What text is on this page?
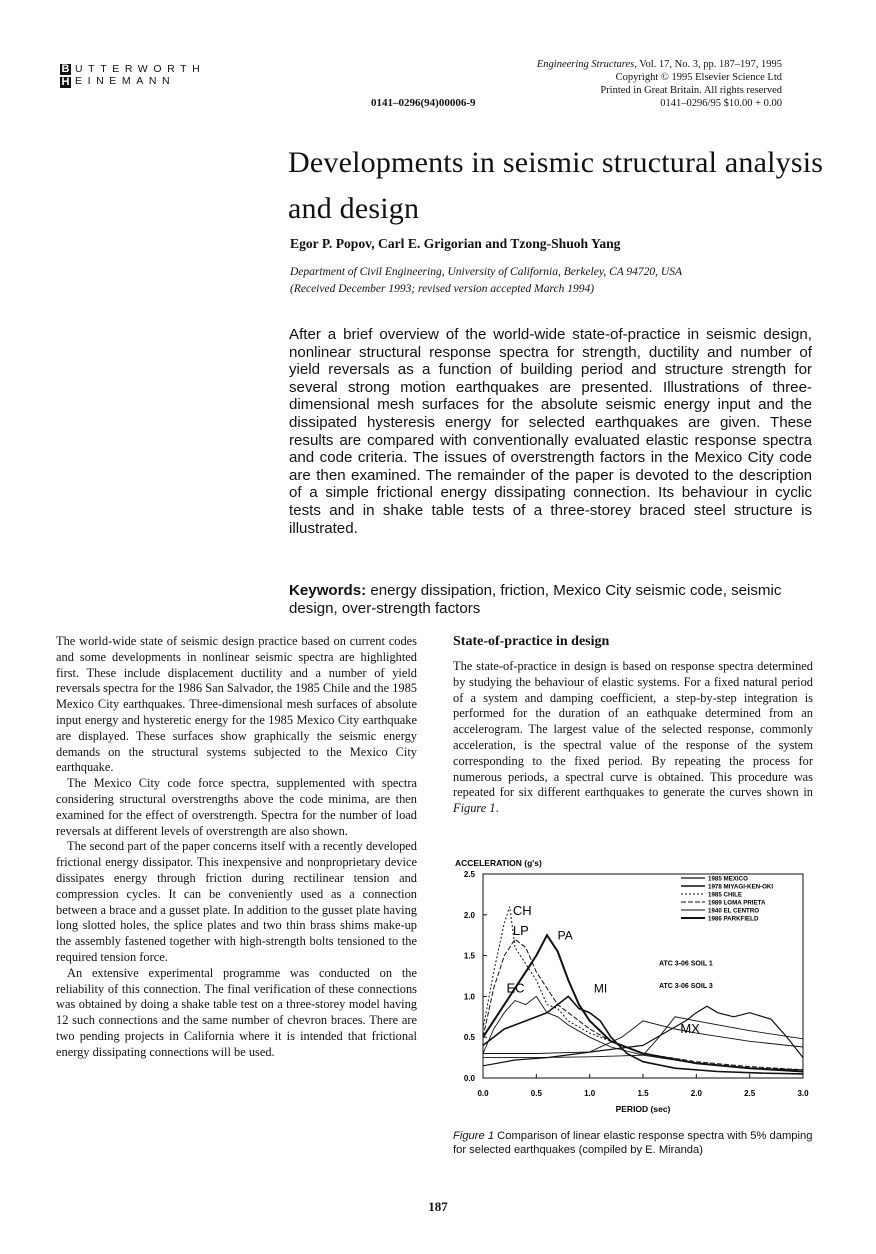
B
H
UTTERWORTH
EINEMANN
Engineering Structures, Vol. 17, No. 3, pp. 187–197, 1995
Copyright © 1995 Elsevier Science Ltd
Printed in Great Britain. All rights reserved
0141–0296/95 $10.00 + 0.00
0141–0296(94)00006-9
Developments in seismic structural analysis and design
Egor P. Popov, Carl E. Grigorian and Tzong-Shuoh Yang
Department of Civil Engineering, University of California, Berkeley, CA 94720, USA
(Received December 1993; revised version accepted March 1994)
After a brief overview of the world-wide state-of-practice in seismic design, nonlinear structural response spectra for strength, ductility and number of yield reversals as a function of building period and structure strength for several strong motion earthquakes are presented. Illustrations of three-dimensional mesh surfaces for the absolute seismic energy input and the dissipated hysteresis energy for selected earthquakes are given. These results are compared with conventionally evaluated elastic response spectra and code criteria. The issues of overstrength factors in the Mexico City code are then examined. The remainder of the paper is devoted to the description of a simple frictional energy dissipating connection. Its behaviour in cyclic tests and in shake table tests of a three-storey braced steel structure is illustrated.
Keywords: energy dissipation, friction, Mexico City seismic code, seismic design, over-strength factors

The world-wide state of seismic design practice based on current codes and some developments in nonlinear seismic spectra are highlighted first. These include displacement ductility and a number of yield reversals spectra for the 1986 San Salvador, the 1985 Chile and the 1985 Mexico City earthquakes. Three-dimensional mesh surfaces of absolute input energy and hysteretic energy for the 1985 Mexico City earthquake are displayed. These surfaces show graphically the seismic energy demands on the structural systems subjected to the Mexico City earthquake.

The Mexico City code force spectra, supplemented with spectra considering structural overstrengths above the code minima, are then examined for the effect of overstrength. Spectra for the number of load reversals at different levels of overstrength are also shown.

The second part of the paper concerns itself with a recently developed frictional energy dissipator. This inexpensive and nonproprietary device dissipates energy through friction during rectilinear tension and compression cycles. It can be conveniently used as a connection between a brace and a gusset plate. In addition to the gusset plate having long slotted holes, the splice plates and two thin brass shims make-up the assembly fastened together with high-strength bolts tensioned to the required tension force.

An extensive experimental programme was conducted on the reliability of this connection. The final verification of these connections was obtained by doing a shake table test on a three-storey model having 12 such connections and the same number of chevron braces. There are two pending projects in California where it is intended that frictional energy dissipating connections will be used.

State-of-practice in design

The state-of-practice in design is based on response spectra determined by studying the behaviour of elastic systems. For a fixed natural period of a system and damping coefficient, a step-by-step integration is performed for the duration of an eathquake determined from an accelerogram. The largest value of the selected response, commonly acceleration, is the spectral value of the response of the system corresponding to the fixed period. By repeating the process for numerous periods, a spectral curve is obtained. This procedure was repeated for six different earthquakes to generate the curves shown in Figure 1.

ACCELERATION (g's)
0.0
0.5
1.0
1.5
2.0
2.5
0.0	0.5	1.0	1.5	2.0	2.5	3.0
1985 MEXICO
1978 MIYAGI-KEN-OKI
1985 CHILE
1989 LOMA PRIETA
1940 EL CENTRO
1986 PARKFIELD
CH
LP PA
EC	MI
MX
ATC 3-06 SOIL 1
ATC 3-06 SOIL 3
PERIOD (sec)
Figure 1 Comparison of linear elastic response spectra with 5% damping for selected earthquakes (compiled by E. Miranda)
187
